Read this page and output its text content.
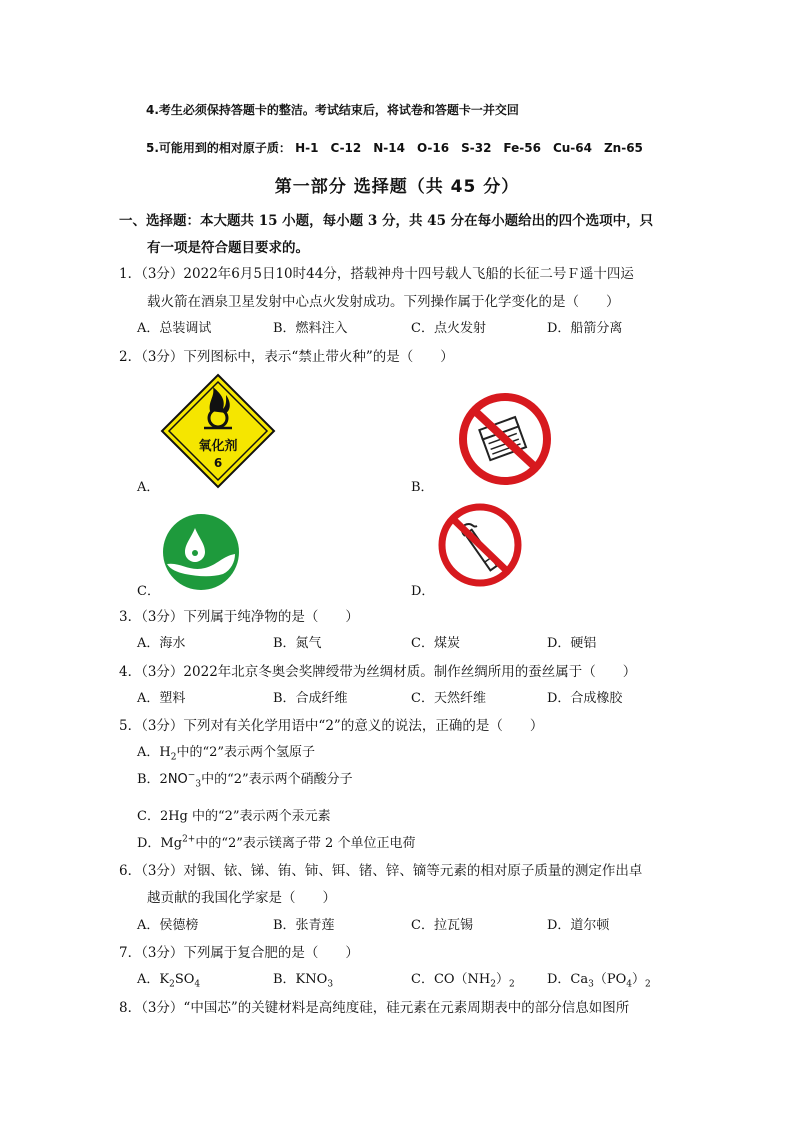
4.考生必须保持答题卡的整洁。考试结束后，将试卷和答题卡一并交回
5.可能用到的相对原子质： H-1 C-12 N-14 O-16 S-32 Fe-56 Cu-64 Zn-65
第一部分 选择题（共 45 分）
一、选择题：本大题共 15 小题，每小题 3 分，共 45 分在每小题给出的四个选项中，只
有一项是符合题目要求的。
1．（3分）2022年6月5日10时44分，搭载神舟十四号载人飞船的长征二号Ｆ遥十四运
载火箭在酒泉卫星发射中心点火发射成功。下列操作属于化学变化的是（　　）
A．总装调试	B．燃料注入	C．点火发射	D．船箭分离
2．（3分）下列图标中，表示“禁止带火种”的是（　　）
氧化剂
6
A．	B．
C．	D．
3．（3分）下列属于纯净物的是（　　）
A．海水	B．氮气	C．煤炭	D．硬铝
4．（3分）2022年北京冬奥会奖牌绶带为丝绸材质。制作丝绸所用的蚕丝属于（　　）
A．塑料	B．合成纤维	C．天然纤维	D．合成橡胶
5．（3分）下列对有关化学用语中“2”的意义的说法，正确的是（　　）
A．$H_2$中的“2”表示两个氢原子
B．$2NO^-_3$中的“2”表示两个硝酸分子
C．2Hg 中的“2”表示两个汞元素
D．$Mg^{2+}$中的“2”表示镁离子带 2 个单位正电荷
6．（3分）对铟、铱、锑、铕、铈、铒、锗、锌、镝等元素的相对原子质量的测定作出卓
越贡献的我国化学家是（　　）
A．侯德榜	B．张青莲	C．拉瓦锡	D．道尔顿
7．（3分）下列属于复合肥的是（　　）
A．$K_2SO_4$	B．$KNO_3$	C．$CO(NH_2)_2$ D．$Ca_3(PO_4)_2$
8．（3分）“中国芯”的关键材料是高纯度硅，硅元素在元素周期表中的部分信息如图所
